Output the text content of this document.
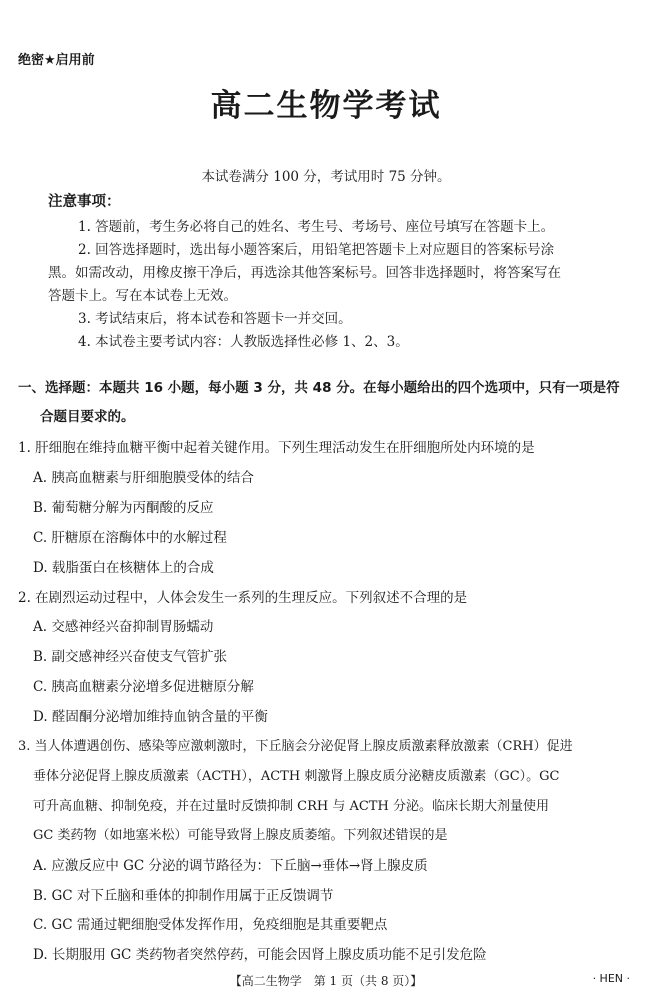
绝密★启用前
高二生物学考试
本试卷满分 100 分，考试用时 75 分钟。
注意事项：
1. 答题前，考生务必将自己的姓名、考生号、考场号、座位号填写在答题卡上。
2. 回答选择题时，选出每小题答案后，用铅笔把答题卡上对应题目的答案标号涂
黑。如需改动，用橡皮擦干净后，再选涂其他答案标号。回答非选择题时，将答案写在
答题卡上。写在本试卷上无效。
3. 考试结束后，将本试卷和答题卡一并交回。
4. 本试卷主要考试内容：人教版选择性必修 1、2、3。
一、选择题：本题共 16 小题，每小题 3 分，共 48 分。在每小题给出的四个选项中，只有一项是符
合题目要求的。
1. 肝细胞在维持血糖平衡中起着关键作用。下列生理活动发生在肝细胞所处内环境的是
A. 胰高血糖素与肝细胞膜受体的结合
B. 葡萄糖分解为丙酮酸的反应
C. 肝糖原在溶酶体中的水解过程
D. 载脂蛋白在核糖体上的合成
2. 在剧烈运动过程中，人体会发生一系列的生理反应。下列叙述不合理的是
A. 交感神经兴奋抑制胃肠蠕动
B. 副交感神经兴奋使支气管扩张
C. 胰高血糖素分泌增多促进糖原分解
D. 醛固酮分泌增加维持血钠含量的平衡
3. 当人体遭遇创伤、感染等应激刺激时，下丘脑会分泌促肾上腺皮质激素释放激素（CRH）促进
垂体分泌促肾上腺皮质激素（ACTH），ACTH 刺激肾上腺皮质分泌糖皮质激素（GC）。GC
可升高血糖、抑制免疫，并在过量时反馈抑制 CRH 与 ACTH 分泌。临床长期大剂量使用
GC 类药物（如地塞米松）可能导致肾上腺皮质萎缩。下列叙述错误的是
A. 应激反应中 GC 分泌的调节路径为：下丘脑→垂体→肾上腺皮质
B. GC 对下丘脑和垂体的抑制作用属于正反馈调节
C. GC 需通过靶细胞受体发挥作用，免疫细胞是其重要靶点
D. 长期服用 GC 类药物者突然停药，可能会因肾上腺皮质功能不足引发危险
【高二生物学　第 1 页（共 8 页）】	· HEN ·
